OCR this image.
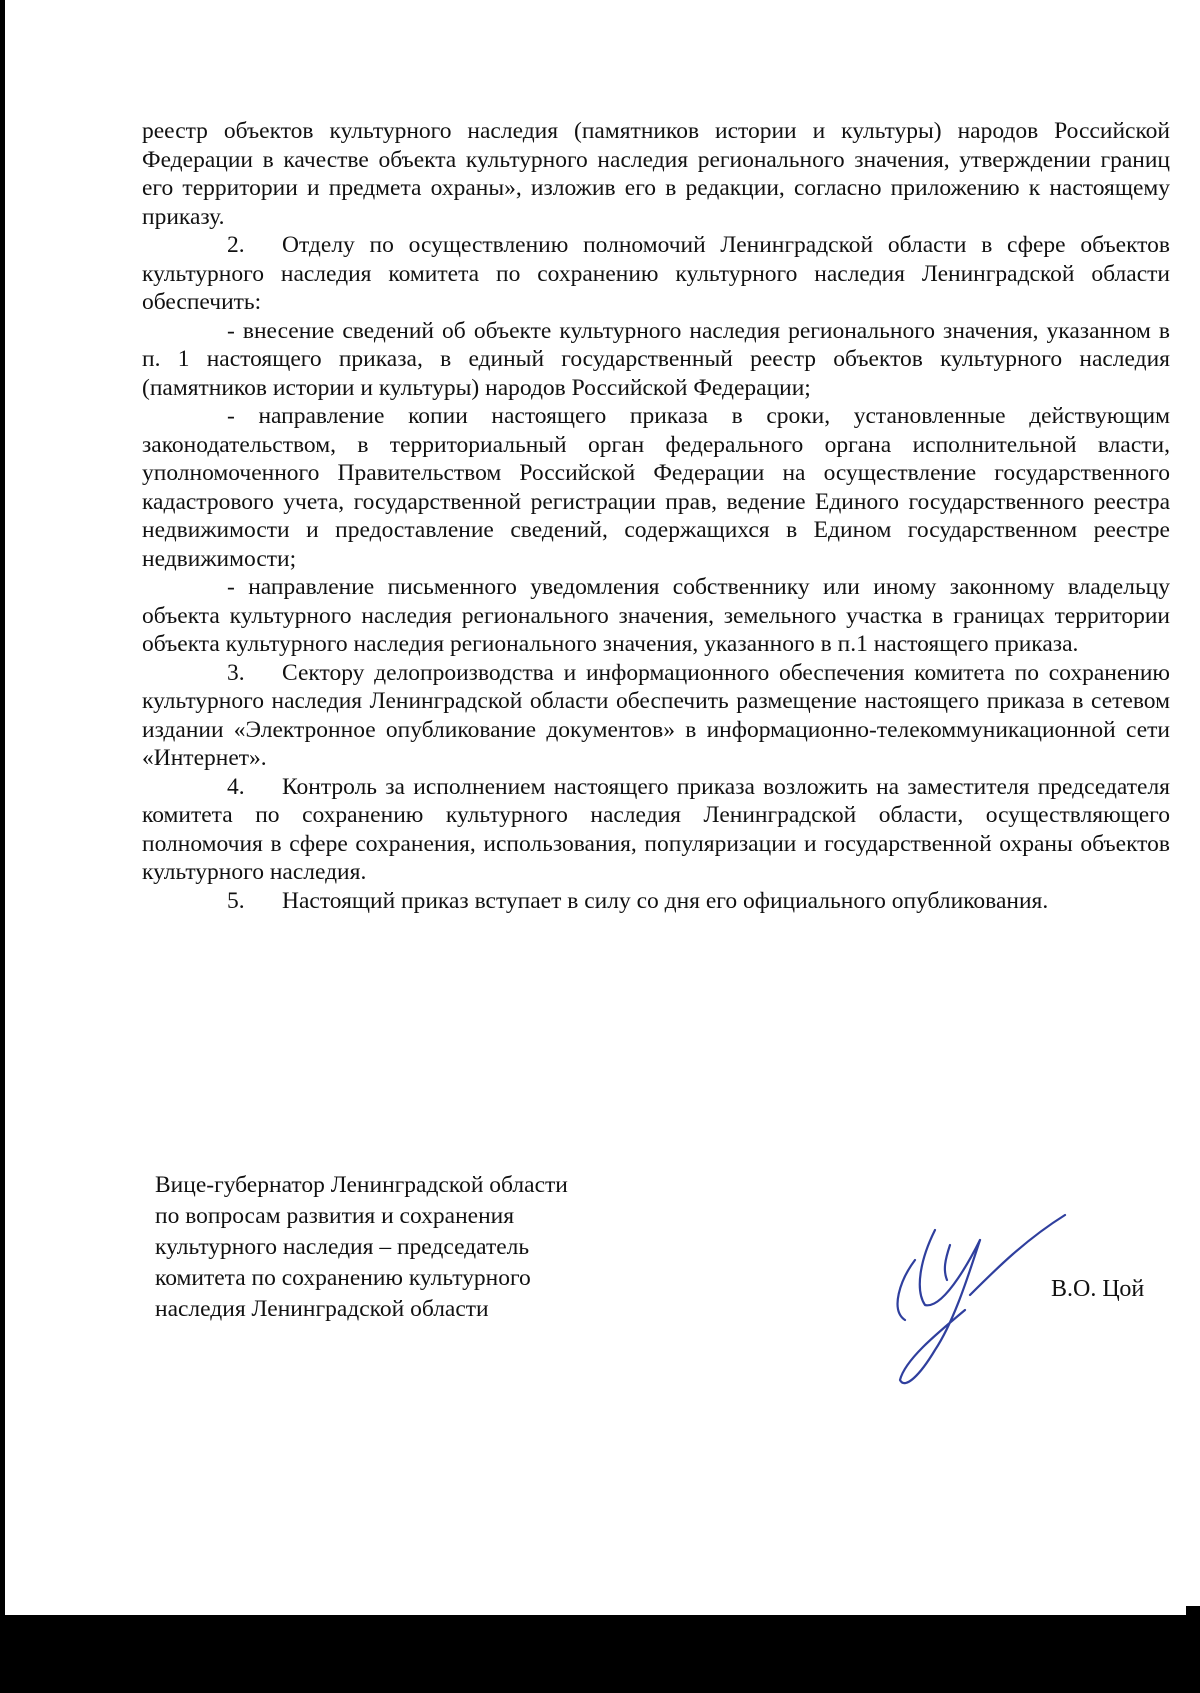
реестр объектов культурного наследия (памятников истории и культуры) народов Российской Федерации в качестве объекта культурного наследия регионального значения, утверждении границ его территории и предмета охраны», изложив его в редакции, согласно приложению к настоящему приказу.

2. Отделу по осуществлению полномочий Ленинградской области в сфере объектов культурного наследия комитета по сохранению культурного наследия Ленинградской области обеспечить:

- внесение сведений об объекте культурного наследия регионального значения, указанном в п. 1 настоящего приказа, в единый государственный реестр объектов культурного наследия (памятников истории и культуры) народов Российской Федерации;

- направление копии настоящего приказа в сроки, установленные действующим законодательством, в территориальный орган федерального органа исполнительной власти, уполномоченного Правительством Российской Федерации на осуществление государственного кадастрового учета, государственной регистрации прав, ведение Единого государственного реестра недвижимости и предоставление сведений, содержащихся в Едином государственном реестре недвижимости;

- направление письменного уведомления собственнику или иному законному владельцу объекта культурного наследия регионального значения, земельного участка в границах территории объекта культурного наследия регионального значения, указанного в п.1 настоящего приказа.

3. Сектору делопроизводства и информационного обеспечения комитета по сохранению культурного наследия Ленинградской области обеспечить размещение настоящего приказа в сетевом издании «Электронное опубликование документов» в информационно-телекоммуникационной сети «Интернет».

4. Контроль за исполнением настоящего приказа возложить на заместителя председателя комитета по сохранению культурного наследия Ленинградской области, осуществляющего полномочия в сфере сохранения, использования, популяризации и государственной охраны объектов культурного наследия.

5. Настоящий приказ вступает в силу со дня его официального опубликования.

Вице-губернатор Ленинградской области
по вопросам развития и сохранения
культурного наследия – председатель
комитета по сохранению культурного
наследия Ленинградской области
В.О. Цой
